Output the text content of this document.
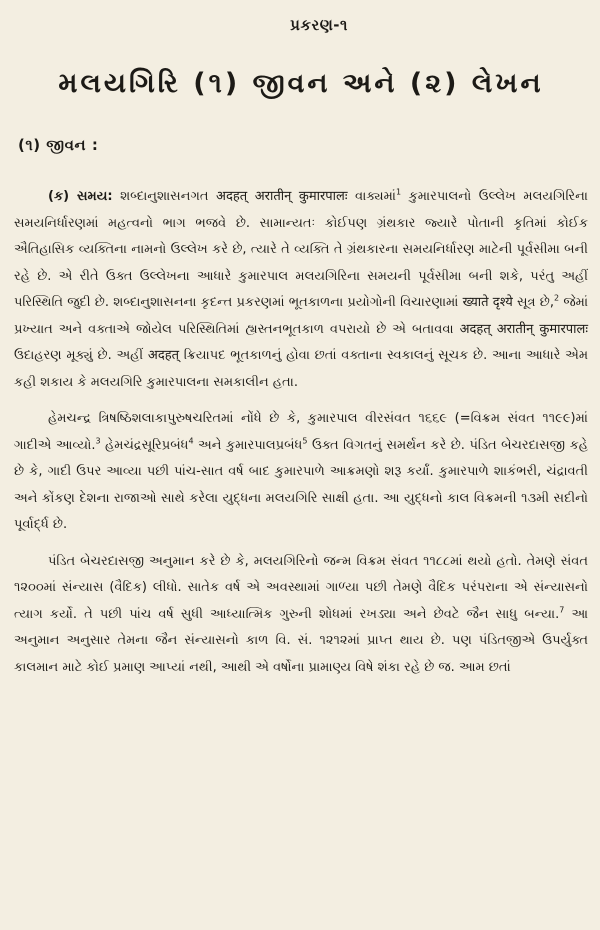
પ્રકરણ-૧
મલયગિરિ (૧) જીવન અને (૨) લેખન
(૧) જીવન :

(ક) સમય: શબ્દાનુશાસનગત अदहत् अरातीन् कुमारपालः વાક્યમાં$^1$ કુમારપાલનો ઉલ્લેખ મલયગિરિના સમયનિર્ધારણમાં મહત્વનો ભાગ ભજવે છે. સામાન્યતઃ કોઈપણ ગ્રંથકાર જ્યારે પોતાની કૃતિમાં કોઈક ઐતિહાસિક વ્યક્તિના નામનો ઉલ્લેખ કરે છે, ત્યારે તે વ્યક્તિ તે ગ્રંથકારના સમયનિર્ધારણ માટેની પૂર્વસીમા બની રહે છે. એ રીતે ઉક્ત ઉલ્લેખના આધારે કુમારપાલ મલયગિરિના સમયની પૂર્વસીમા બની શકે, પરંતુ અહીં પરિસ્થિતિ જુદી છે. શબ્દાનુશાસનના કૃદન્ત પ્રકરણમાં ભૂતકાળના પ્રયોગોની વિચારણામાં ख्याते दृश्ये સૂત્ર છે,$^2$ જેમાં પ્રખ્યાત અને વક્તાએ જોયેલ પરિસ્થિતિમાં હ્યસ્તનભૂતકાળ વપરાયો છે એ બતાવવા अदहत् अरातीन् कुमारपालः ઉદાહરણ મૂક્યું છે. અહીં अदहत् ક્રિયાપદ ભૂતકાળનું હોવા છતાં વક્તાના સ્વકાલનું સૂચક છે. આના આધારે એમ કહી શકાય કે મલયગિરિ કુમારપાલના સમકાલીન હતા.

હેમચન્દ્ર ત્રિષષ્ઠિશલાકાપુરુષચરિતમાં નોંધે છે કે, કુમારપાલ વીરસંવત ૧૬૬૯ (=વિક્રમ સંવત ૧૧૯૯)માં ગાદીએ આવ્યો.$^3$ હેમચંદ્રસૂરિપ્રબંધ$^4$ અને કુમારપાલપ્રબંધ$^5$ ઉક્ત વિગતનું સમર્થન કરે છે. પંડિત બેચરદાસજી કહે છે કે, ગાદી ઉપર આવ્યા પછી પાંચ-સાત વર્ષ બાદ કુમારપાળે આક્રમણો શરૂ કર્યાં. કુમારપાળે શાકંભરી, ચંદ્રાવતી અને કોંકણ દેશના રાજાઓ સાથે કરેલા યુદ્ધના મલયગિરિ સાક્ષી હતા. આ યુદ્ધનો કાલ વિક્રમની ૧૩મી સદીનો પૂર્વાર્દ્ધ છે.

પંડિત બેચરદાસજી અનુમાન કરે છે કે, મલયગિરિનો જન્મ વિક્રમ સંવત ૧૧૮૮માં થયો હતો. તેમણે સંવત ૧૨૦૦માં સંન્યાસ (વૈદિક) લીધો. સાતેક વર્ષ એ અવસ્થામાં ગાળ્યા પછી તેમણે વૈદિક પરંપરાના એ સંન્યાસનો ત્યાગ કર્યો. તે પછી પાંચ વર્ષ સુધી આધ્યાત્મિક ગુરુની શોધમાં રખડ્યા અને છેવટે જૈન સાધુ બન્યા.$^7$ આ અનુમાન અનુસાર તેમના જૈન સંન્યાસનો કાળ વિ. સં. ૧૨૧૨માં પ્રાપ્ત થાય છે. પણ પંડિતજીએ ઉપર્યુક્ત કાલમાન માટે કોઈ પ્રમાણ આપ્યાં નથી, આથી એ વર્ષોના પ્રામાણ્ય વિષે શંકા રહે છે જ. આમ છતાં
